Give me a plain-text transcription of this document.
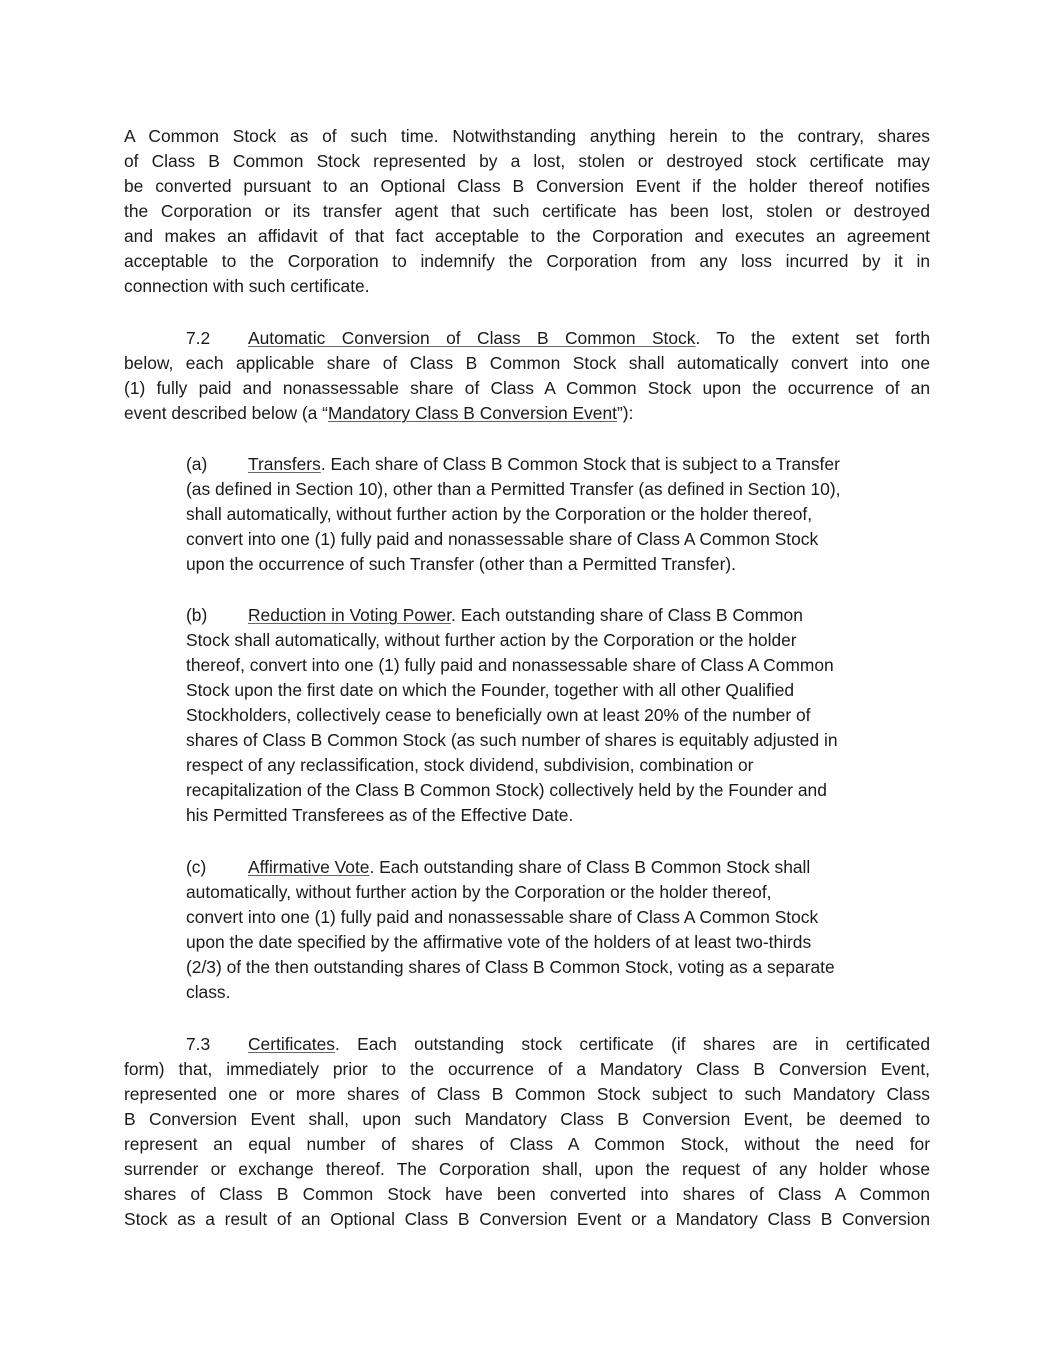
A Common Stock as of such time. Notwithstanding anything herein to the contrary, shares
of Class B Common Stock represented by a lost, stolen or destroyed stock certificate may
be converted pursuant to an Optional Class B Conversion Event if the holder thereof notifies
the Corporation or its transfer agent that such certificate has been lost, stolen or destroyed
and makes an affidavit of that fact acceptable to the Corporation and executes an agreement
acceptable to the Corporation to indemnify the Corporation from any loss incurred by it in
connection with such certificate.
7.2 Automatic Conversion of Class B Common Stock. To the extent set forth
below, each applicable share of Class B Common Stock shall automatically convert into one
(1) fully paid and nonassessable share of Class A Common Stock upon the occurrence of an
event described below (a “Mandatory Class B Conversion Event”):
(a) Transfers. Each share of Class B Common Stock that is subject to a Transfer
(as defined in Section 10), other than a Permitted Transfer (as defined in Section 10),
shall automatically, without further action by the Corporation or the holder thereof,
convert into one (1) fully paid and nonassessable share of Class A Common Stock
upon the occurrence of such Transfer (other than a Permitted Transfer).
(b) Reduction in Voting Power. Each outstanding share of Class B Common
Stock shall automatically, without further action by the Corporation or the holder
thereof, convert into one (1) fully paid and nonassessable share of Class A Common
Stock upon the first date on which the Founder, together with all other Qualified
Stockholders, collectively cease to beneficially own at least 20% of the number of
shares of Class B Common Stock (as such number of shares is equitably adjusted in
respect of any reclassification, stock dividend, subdivision, combination or
recapitalization of the Class B Common Stock) collectively held by the Founder and
his Permitted Transferees as of the Effective Date.
(c) Affirmative Vote. Each outstanding share of Class B Common Stock shall
automatically, without further action by the Corporation or the holder thereof,
convert into one (1) fully paid and nonassessable share of Class A Common Stock
upon the date specified by the affirmative vote of the holders of at least two-thirds
(2/3) of the then outstanding shares of Class B Common Stock, voting as a separate
class.
7.3 Certificates. Each outstanding stock certificate (if shares are in certificated
form) that, immediately prior to the occurrence of a Mandatory Class B Conversion Event,
represented one or more shares of Class B Common Stock subject to such Mandatory Class
B Conversion Event shall, upon such Mandatory Class B Conversion Event, be deemed to
represent an equal number of shares of Class A Common Stock, without the need for
surrender or exchange thereof. The Corporation shall, upon the request of any holder whose
shares of Class B Common Stock have been converted into shares of Class A Common
Stock as a result of an Optional Class B Conversion Event or a Mandatory Class B Conversion
